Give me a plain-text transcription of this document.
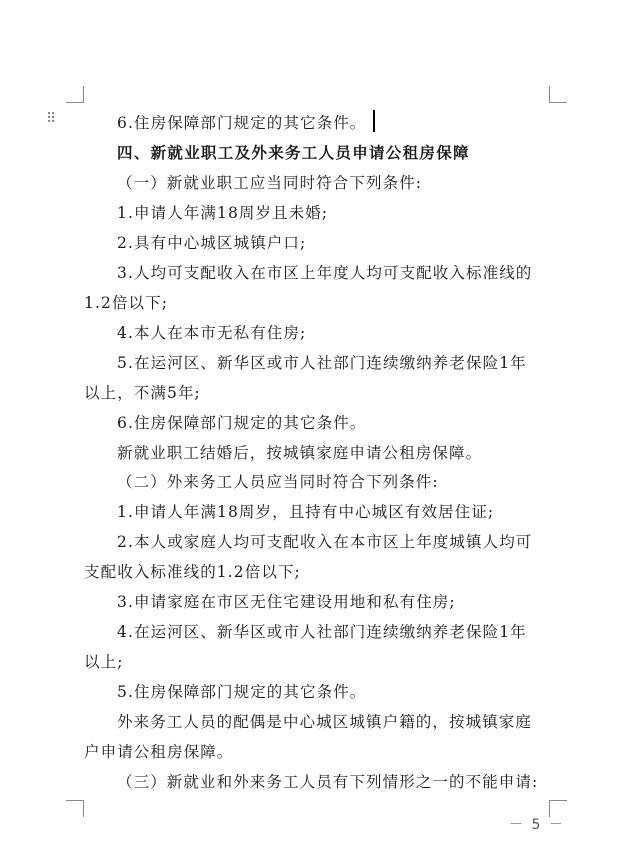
⠿	6.住房保障部门规定的其它条件。
四、新就业职工及外来务工人员申请公租房保障
（一）新就业职工应当同时符合下列条件:
1.申请人年满18周岁且未婚;
2.具有中心城区城镇户口;
3.人均可支配收入在市区上年度人均可支配收入标准线的
1.2倍以下;
4.本人在本市无私有住房;
5.在运河区、新华区或市人社部门连续缴纳养老保险1年
以上，不满5年;
6.住房保障部门规定的其它条件。
新就业职工结婚后，按城镇家庭申请公租房保障。
（二）外来务工人员应当同时符合下列条件:
1.申请人年满18周岁，且持有中心城区有效居住证;
2.本人或家庭人均可支配收入在本市区上年度城镇人均可
支配收入标准线的1.2倍以下;
3.申请家庭在市区无住宅建设用地和私有住房;
4.在运河区、新华区或市人社部门连续缴纳养老保险1年
以上;
5.住房保障部门规定的其它条件。
外来务工人员的配偶是中心城区城镇户籍的，按城镇家庭
户申请公租房保障。
（三）新就业和外来务工人员有下列情形之一的不能申请:
－ 5 －
